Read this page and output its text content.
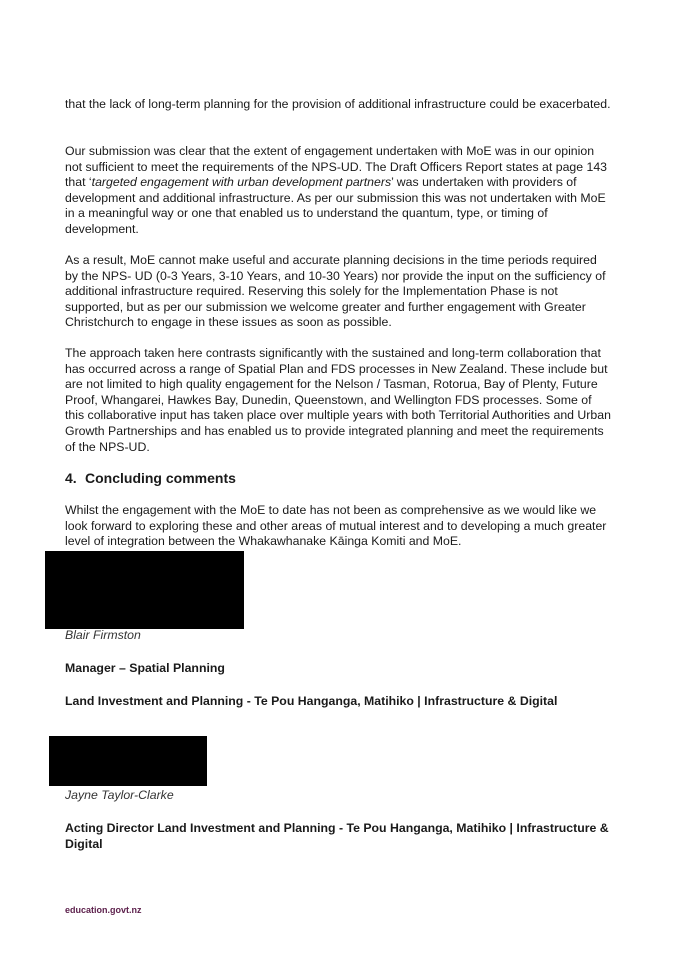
that the lack of long-term planning for the provision of additional infrastructure could be exacerbated.

Our submission was clear that the extent of engagement undertaken with MoE was in our opinion not sufficient to meet the requirements of the NPS-UD. The Draft Officers Report states at page 143 that ‘targeted engagement with urban development partners’ was undertaken with providers of development and additional infrastructure. As per our submission this was not undertaken with MoE in a meaningful way or one that enabled us to understand the quantum, type, or timing of development.

As a result, MoE cannot make useful and accurate planning decisions in the time periods required by the NPS- UD (0-3 Years, 3-10 Years, and 10-30 Years) nor provide the input on the sufficiency of additional infrastructure required. Reserving this solely for the Implementation Phase is not supported, but as per our submission we welcome greater and further engagement with Greater Christchurch to engage in these issues as soon as possible.

The approach taken here contrasts significantly with the sustained and long-term collaboration that has occurred across a range of Spatial Plan and FDS processes in New Zealand. These include but are not limited to high quality engagement for the Nelson / Tasman, Rotorua, Bay of Plenty, Future Proof, Whangarei, Hawkes Bay, Dunedin, Queenstown, and Wellington FDS processes. Some of this collaborative input has taken place over multiple years with both Territorial Authorities and Urban Growth Partnerships and has enabled us to provide integrated planning and meet the requirements of the NPS-UD.

4. Concluding comments

Whilst the engagement with the MoE to date has not been as comprehensive as we would like we look forward to exploring these and other areas of mutual interest and to developing a much greater level of integration between the Whakawhanake Kāinga Komiti and MoE.

Blair Firmston

Manager – Spatial Planning

Land Investment and Planning - Te Pou Hanganga, Matihiko | Infrastructure & Digital

Jayne Taylor-Clarke

Acting Director Land Investment and Planning - Te Pou Hanganga, Matihiko | Infrastructure & Digital

education.govt.nz
